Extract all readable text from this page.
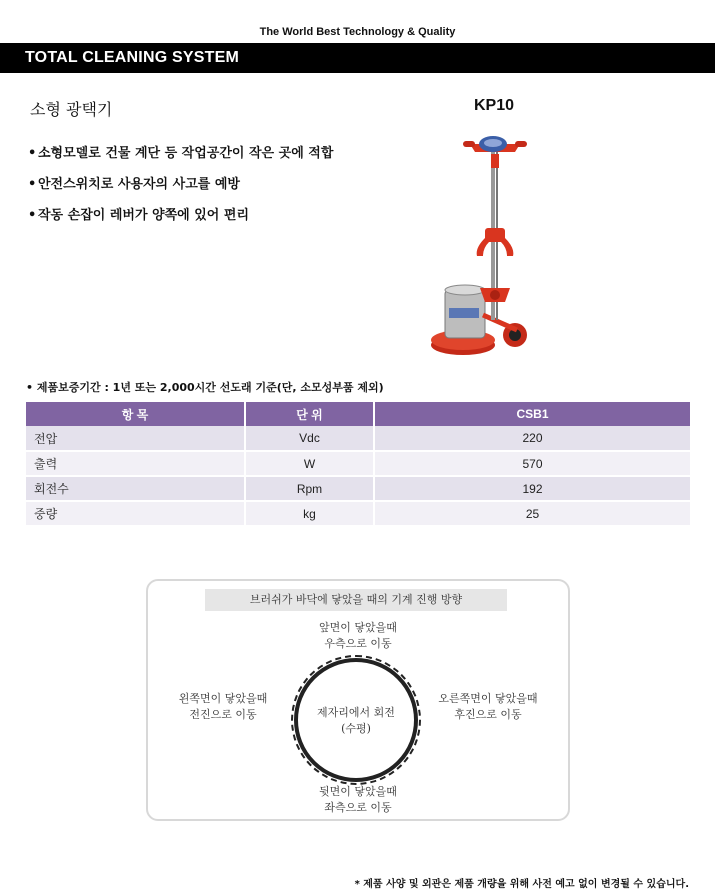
The World Best Technology & Quality
TOTAL CLEANING SYSTEM
소형 광택기	KP10
• 소형모델로 건물 계단 등 작업공간이 작은 곳에 적합
• 안전스위치로 사용자의 사고를 예방
• 작동 손잡이 레버가 양쪽에 있어 편리
• 제품보증기간 : 1년 또는 2,000시간 선도래 기준(단, 소모성부품 제외)
항 목	단 위	CSB1
전압	Vdc	220
출력	W	570
회전수	Rpm	192
중량	kg	25
브러쉬가 바닥에 닿았을 때의 기계 진행 방향
앞면이 닿았을때
우측으로 이동
왼쪽면이 닿았을때
전진으로 이동
오른쪽면이 닿았을때
후진으로 이동
뒷면이 닿았을때
좌측으로 이동
제자리에서 회전
(수평)
* 제품 사양 및 외관은 제품 개량을 위해 사전 예고 없이 변경될 수 있습니다.
